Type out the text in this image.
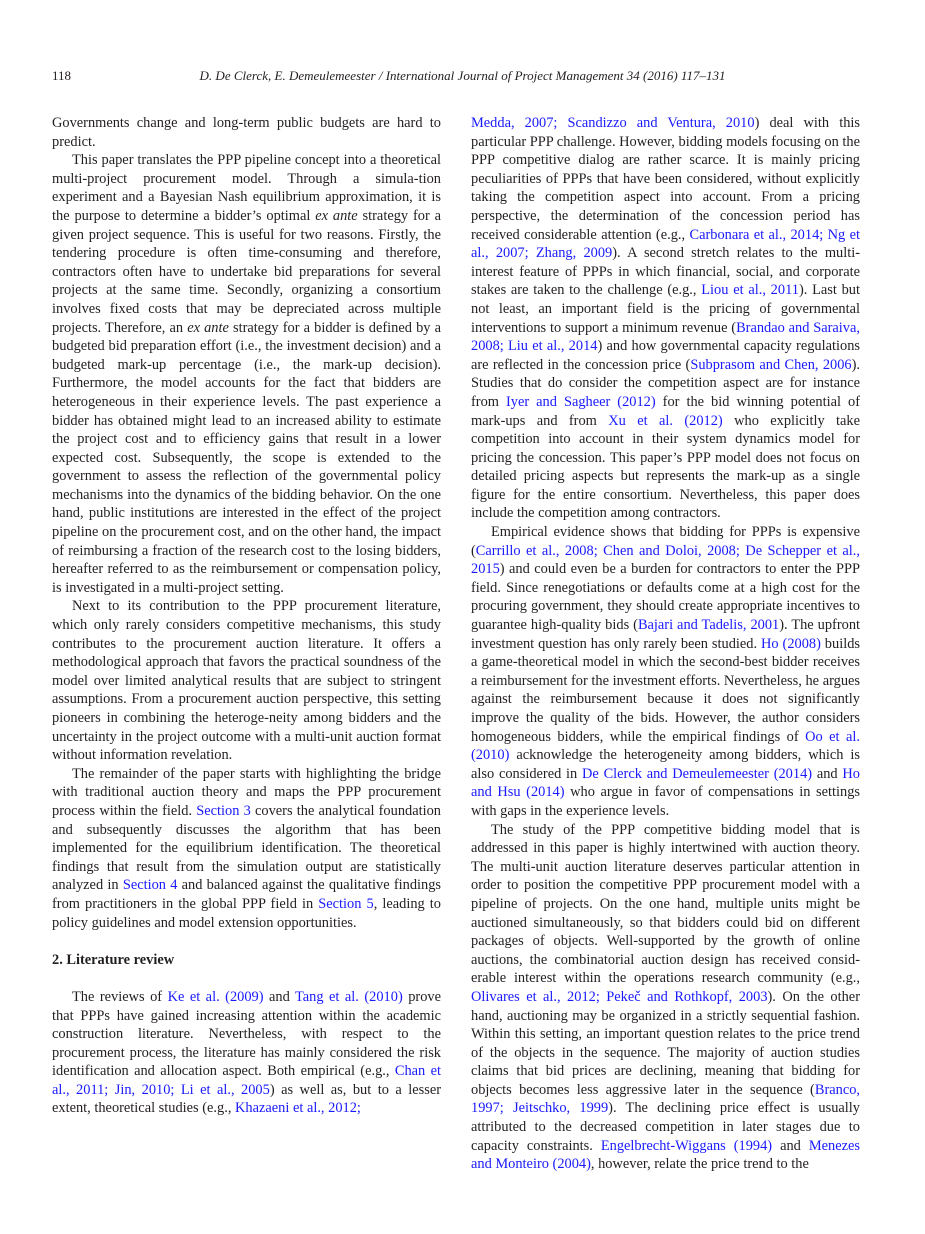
118	D. De Clerck, E. Demeulemeester / International Journal of Project Management 34 (2016) 117–131

Governments change and long-term public budgets are hard to predict.

This paper translates the PPP pipeline concept into a theoretical multi-project procurement model. Through a simula-tion experiment and a Bayesian Nash equilibrium approximation, it is the purpose to determine a bidder’s optimal ex ante strategy for a given project sequence. This is useful for two reasons. Firstly, the tendering procedure is often time-consuming and therefore, contractors often have to undertake bid preparations for several projects at the same time. Secondly, organizing a consortium involves fixed costs that may be depreciated across multiple projects. Therefore, an ex ante strategy for a bidder is defined by a budgeted bid preparation effort (i.e., the investment decision) and a budgeted mark-up percentage (i.e., the mark-up decision). Furthermore, the model accounts for the fact that bidders are heterogeneous in their experience levels. The past experience a bidder has obtained might lead to an increased ability to estimate the project cost and to efficiency gains that result in a lower expected cost. Subsequently, the scope is extended to the government to assess the reflection of the governmental policy mechanisms into the dynamics of the bidding behavior. On the one hand, public institutions are interested in the effect of the project pipeline on the procurement cost, and on the other hand, the impact of reimbursing a fraction of the research cost to the losing bidders, hereafter referred to as the reimbursement or compensation policy, is investigated in a multi-project setting.

Next to its contribution to the PPP procurement literature, which only rarely considers competitive mechanisms, this study contributes to the procurement auction literature. It offers a methodological approach that favors the practical soundness of the model over limited analytical results that are subject to stringent assumptions. From a procurement auction perspective, this setting pioneers in combining the heteroge-neity among bidders and the uncertainty in the project outcome with a multi-unit auction format without information revelation.

The remainder of the paper starts with highlighting the bridge with traditional auction theory and maps the PPP procurement process within the field. Section 3 covers the analytical foundation and subsequently discusses the algorithm that has been implemented for the equilibrium identification. The theoretical findings that result from the simulation output are statistically analyzed in Section 4 and balanced against the qualitative findings from practitioners in the global PPP field in Section 5, leading to policy guidelines and model extension opportunities.

2. Literature review

The reviews of Ke et al. (2009) and Tang et al. (2010) prove that PPPs have gained increasing attention within the academic construction literature. Nevertheless, with respect to the procurement process, the literature has mainly considered the risk identification and allocation aspect. Both empirical (e.g., Chan et al., 2011; Jin, 2010; Li et al., 2005) as well as, but to a lesser extent, theoretical studies (e.g., Khazaeni et al., 2012;

Medda, 2007; Scandizzo and Ventura, 2010) deal with this particular PPP challenge. However, bidding models focusing on the PPP competitive dialog are rather scarce. It is mainly pricing peculiarities of PPPs that have been considered, without explicitly taking the competition aspect into account. From a pricing perspective, the determination of the concession period has received considerable attention (e.g., Carbonara et al., 2014; Ng et al., 2007; Zhang, 2009). A second stretch relates to the multi-interest feature of PPPs in which financial, social, and corporate stakes are taken to the challenge (e.g., Liou et al., 2011). Last but not least, an important field is the pricing of governmental interventions to support a minimum revenue (Brandao and Saraiva, 2008; Liu et al., 2014) and how governmental capacity regulations are reflected in the concession price (Subprasom and Chen, 2006). Studies that do consider the competition aspect are for instance from Iyer and Sagheer (2012) for the bid winning potential of mark-ups and from Xu et al. (2012) who explicitly take competition into account in their system dynamics model for pricing the concession. This paper’s PPP model does not focus on detailed pricing aspects but represents the mark-up as a single figure for the entire consortium. Nevertheless, this paper does include the competition among contractors.

Empirical evidence shows that bidding for PPPs is expensive (Carrillo et al., 2008; Chen and Doloi, 2008; De Schepper et al., 2015) and could even be a burden for contractors to enter the PPP field. Since renegotiations or defaults come at a high cost for the procuring government, they should create appropriate incentives to guarantee high-quality bids (Bajari and Tadelis, 2001). The upfront investment question has only rarely been studied. Ho (2008) builds a game-theoretical model in which the second-best bidder receives a reimbursement for the investment efforts. Nevertheless, he argues against the reimbursement because it does not significantly improve the quality of the bids. However, the author considers homogeneous bidders, while the empirical findings of Oo et al. (2010) acknowledge the heterogeneity among bidders, which is also considered in De Clerck and Demeulemeester (2014) and Ho and Hsu (2014) who argue in favor of compensations in settings with gaps in the experience levels.

The study of the PPP competitive bidding model that is addressed in this paper is highly intertwined with auction theory. The multi-unit auction literature deserves particular attention in order to position the competitive PPP procurement model with a pipeline of projects. On the one hand, multiple units might be auctioned simultaneously, so that bidders could bid on different packages of objects. Well-supported by the growth of online auctions, the combinatorial auction design has received consid-erable interest within the operations research community (e.g., Olivares et al., 2012; Pekeč and Rothkopf, 2003). On the other hand, auctioning may be organized in a strictly sequential fashion. Within this setting, an important question relates to the price trend of the objects in the sequence. The majority of auction studies claims that bid prices are declining, meaning that bidding for objects becomes less aggressive later in the sequence (Branco, 1997; Jeitschko, 1999). The declining price effect is usually attributed to the decreased competition in later stages due to capacity constraints. Engelbrecht-Wiggans (1994) and Menezes and Monteiro (2004), however, relate the price trend to the
